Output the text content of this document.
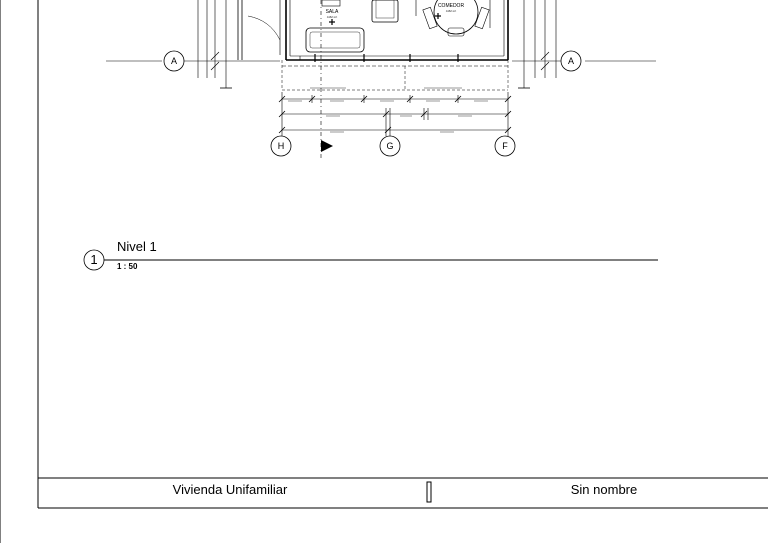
SALA
4.82 m²
COMEDOR
4.82 m²
A	A
H	G	F
1
Nivel 1
1 : 50
Vivienda Unifamiliar	Sin nombre
